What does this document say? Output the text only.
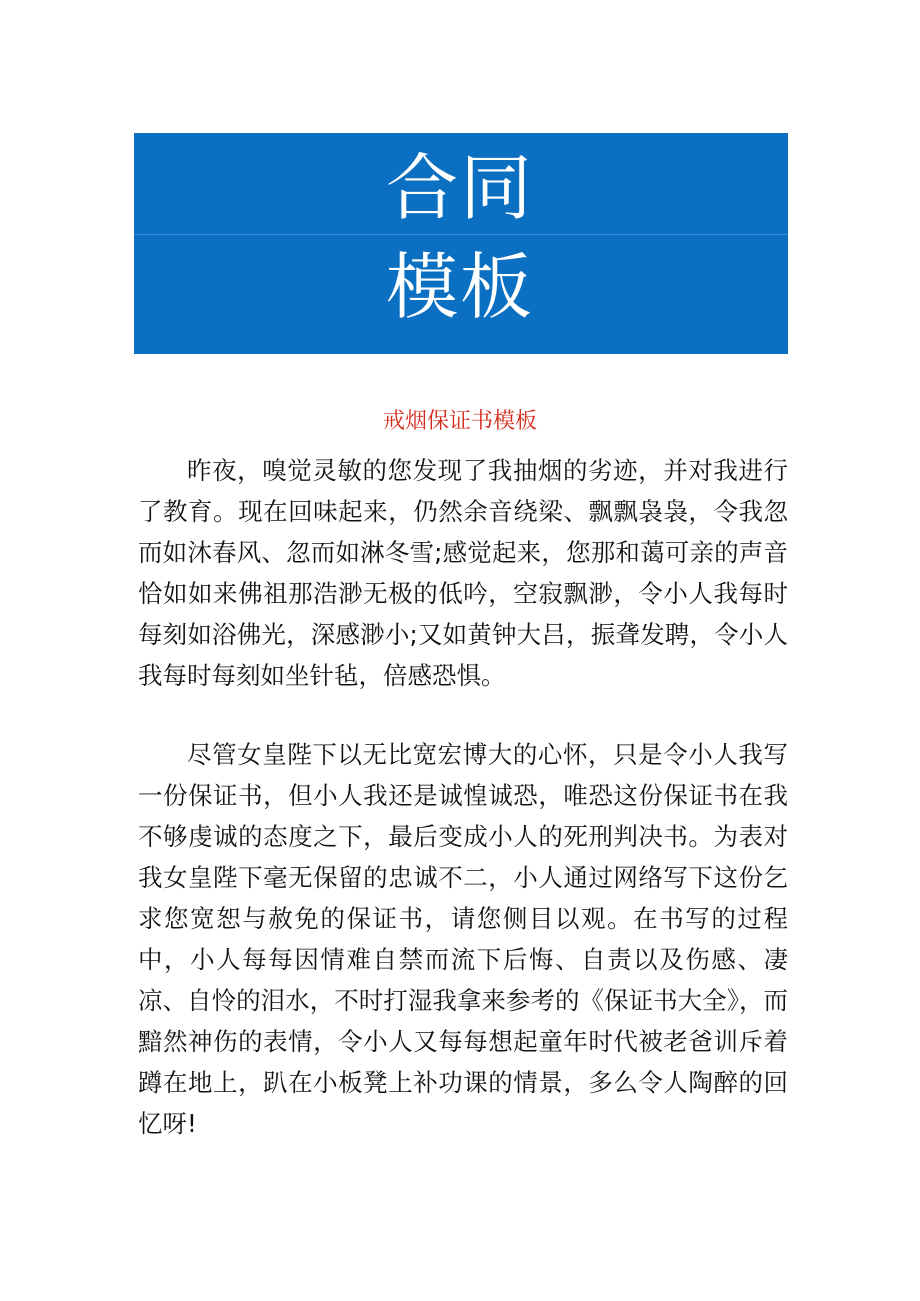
合同
模板
戒烟保证书模板

昨夜，嗅觉灵敏的您发现了我抽烟的劣迹，并对我进行了教育。现在回味起来，仍然余音绕梁、飘飘袅袅，令我忽而如沐春风、忽而如淋冬雪;感觉起来，您那和蔼可亲的声音恰如如来佛祖那浩渺无极的低吟，空寂飘渺，令小人我每时每刻如浴佛光，深感渺小;又如黄钟大吕，振聋发聘，令小人我每时每刻如坐针毡，倍感恐惧。

尽管女皇陛下以无比宽宏博大的心怀，只是令小人我写一份保证书，但小人我还是诚惶诚恐，唯恐这份保证书在我不够虔诚的态度之下，最后变成小人的死刑判决书。为表对我女皇陛下毫无保留的忠诚不二，小人通过网络写下这份乞求您宽恕与赦免的保证书，请您侧目以观。在书写的过程中，小人每每因情难自禁而流下后悔、自责以及伤感、凄凉、自怜的泪水，不时打湿我拿来参考的《保证书大全》，而黯然神伤的表情，令小人又每每想起童年时代被老爸训斥着蹲在地上，趴在小板凳上补功课的情景，多么令人陶醉的回忆呀!
